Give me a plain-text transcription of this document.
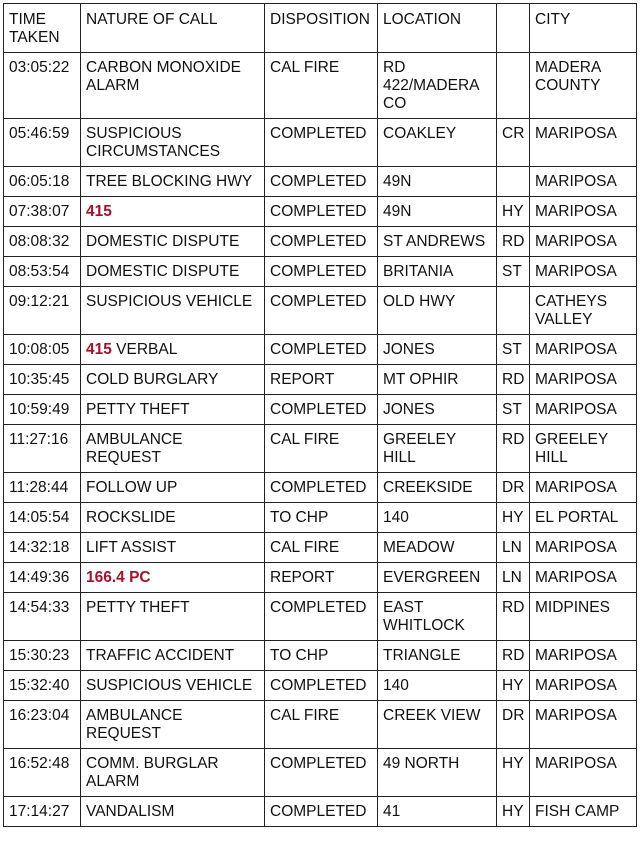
TIME TAKEN	NATURE OF CALL	DISPOSITION	LOCATION		CITY
03:05:22	CARBON MONOXIDE ALARM	CAL FIRE	RD 422/MADERA CO		MADERA COUNTY
05:46:59	SUSPICIOUS CIRCUMSTANCES	COMPLETED	COAKLEY	CR	MARIPOSA
06:05:18	TREE BLOCKING HWY	COMPLETED	49N		MARIPOSA
07:38:07	415	COMPLETED	49N	HY	MARIPOSA
08:08:32	DOMESTIC DISPUTE	COMPLETED	ST ANDREWS	RD	MARIPOSA
08:53:54	DOMESTIC DISPUTE	COMPLETED	BRITANIA	ST	MARIPOSA
09:12:21	SUSPICIOUS VEHICLE	COMPLETED	OLD HWY		CATHEYS VALLEY
10:08:05	415 VERBAL	COMPLETED	JONES	ST	MARIPOSA
10:35:45	COLD BURGLARY	REPORT	MT OPHIR	RD	MARIPOSA
10:59:49	PETTY THEFT	COMPLETED	JONES	ST	MARIPOSA
11:27:16	AMBULANCE REQUEST	CAL FIRE	GREELEY HILL	RD	GREELEY HILL
11:28:44	FOLLOW UP	COMPLETED	CREEKSIDE	DR	MARIPOSA
14:05:54	ROCKSLIDE	TO CHP	140	HY	EL PORTAL
14:32:18	LIFT ASSIST	CAL FIRE	MEADOW	LN	MARIPOSA
14:49:36	166.4 PC	REPORT	EVERGREEN	LN	MARIPOSA
14:54:33	PETTY THEFT	COMPLETED	EAST WHITLOCK	RD	MIDPINES
15:30:23	TRAFFIC ACCIDENT	TO CHP	TRIANGLE	RD	MARIPOSA
15:32:40	SUSPICIOUS VEHICLE	COMPLETED	140	HY	MARIPOSA
16:23:04	AMBULANCE REQUEST	CAL FIRE	CREEK VIEW	DR	MARIPOSA
16:52:48	COMM. BURGLAR ALARM	COMPLETED	49 NORTH	HY	MARIPOSA
17:14:27	VANDALISM	COMPLETED	41	HY	FISH CAMP
